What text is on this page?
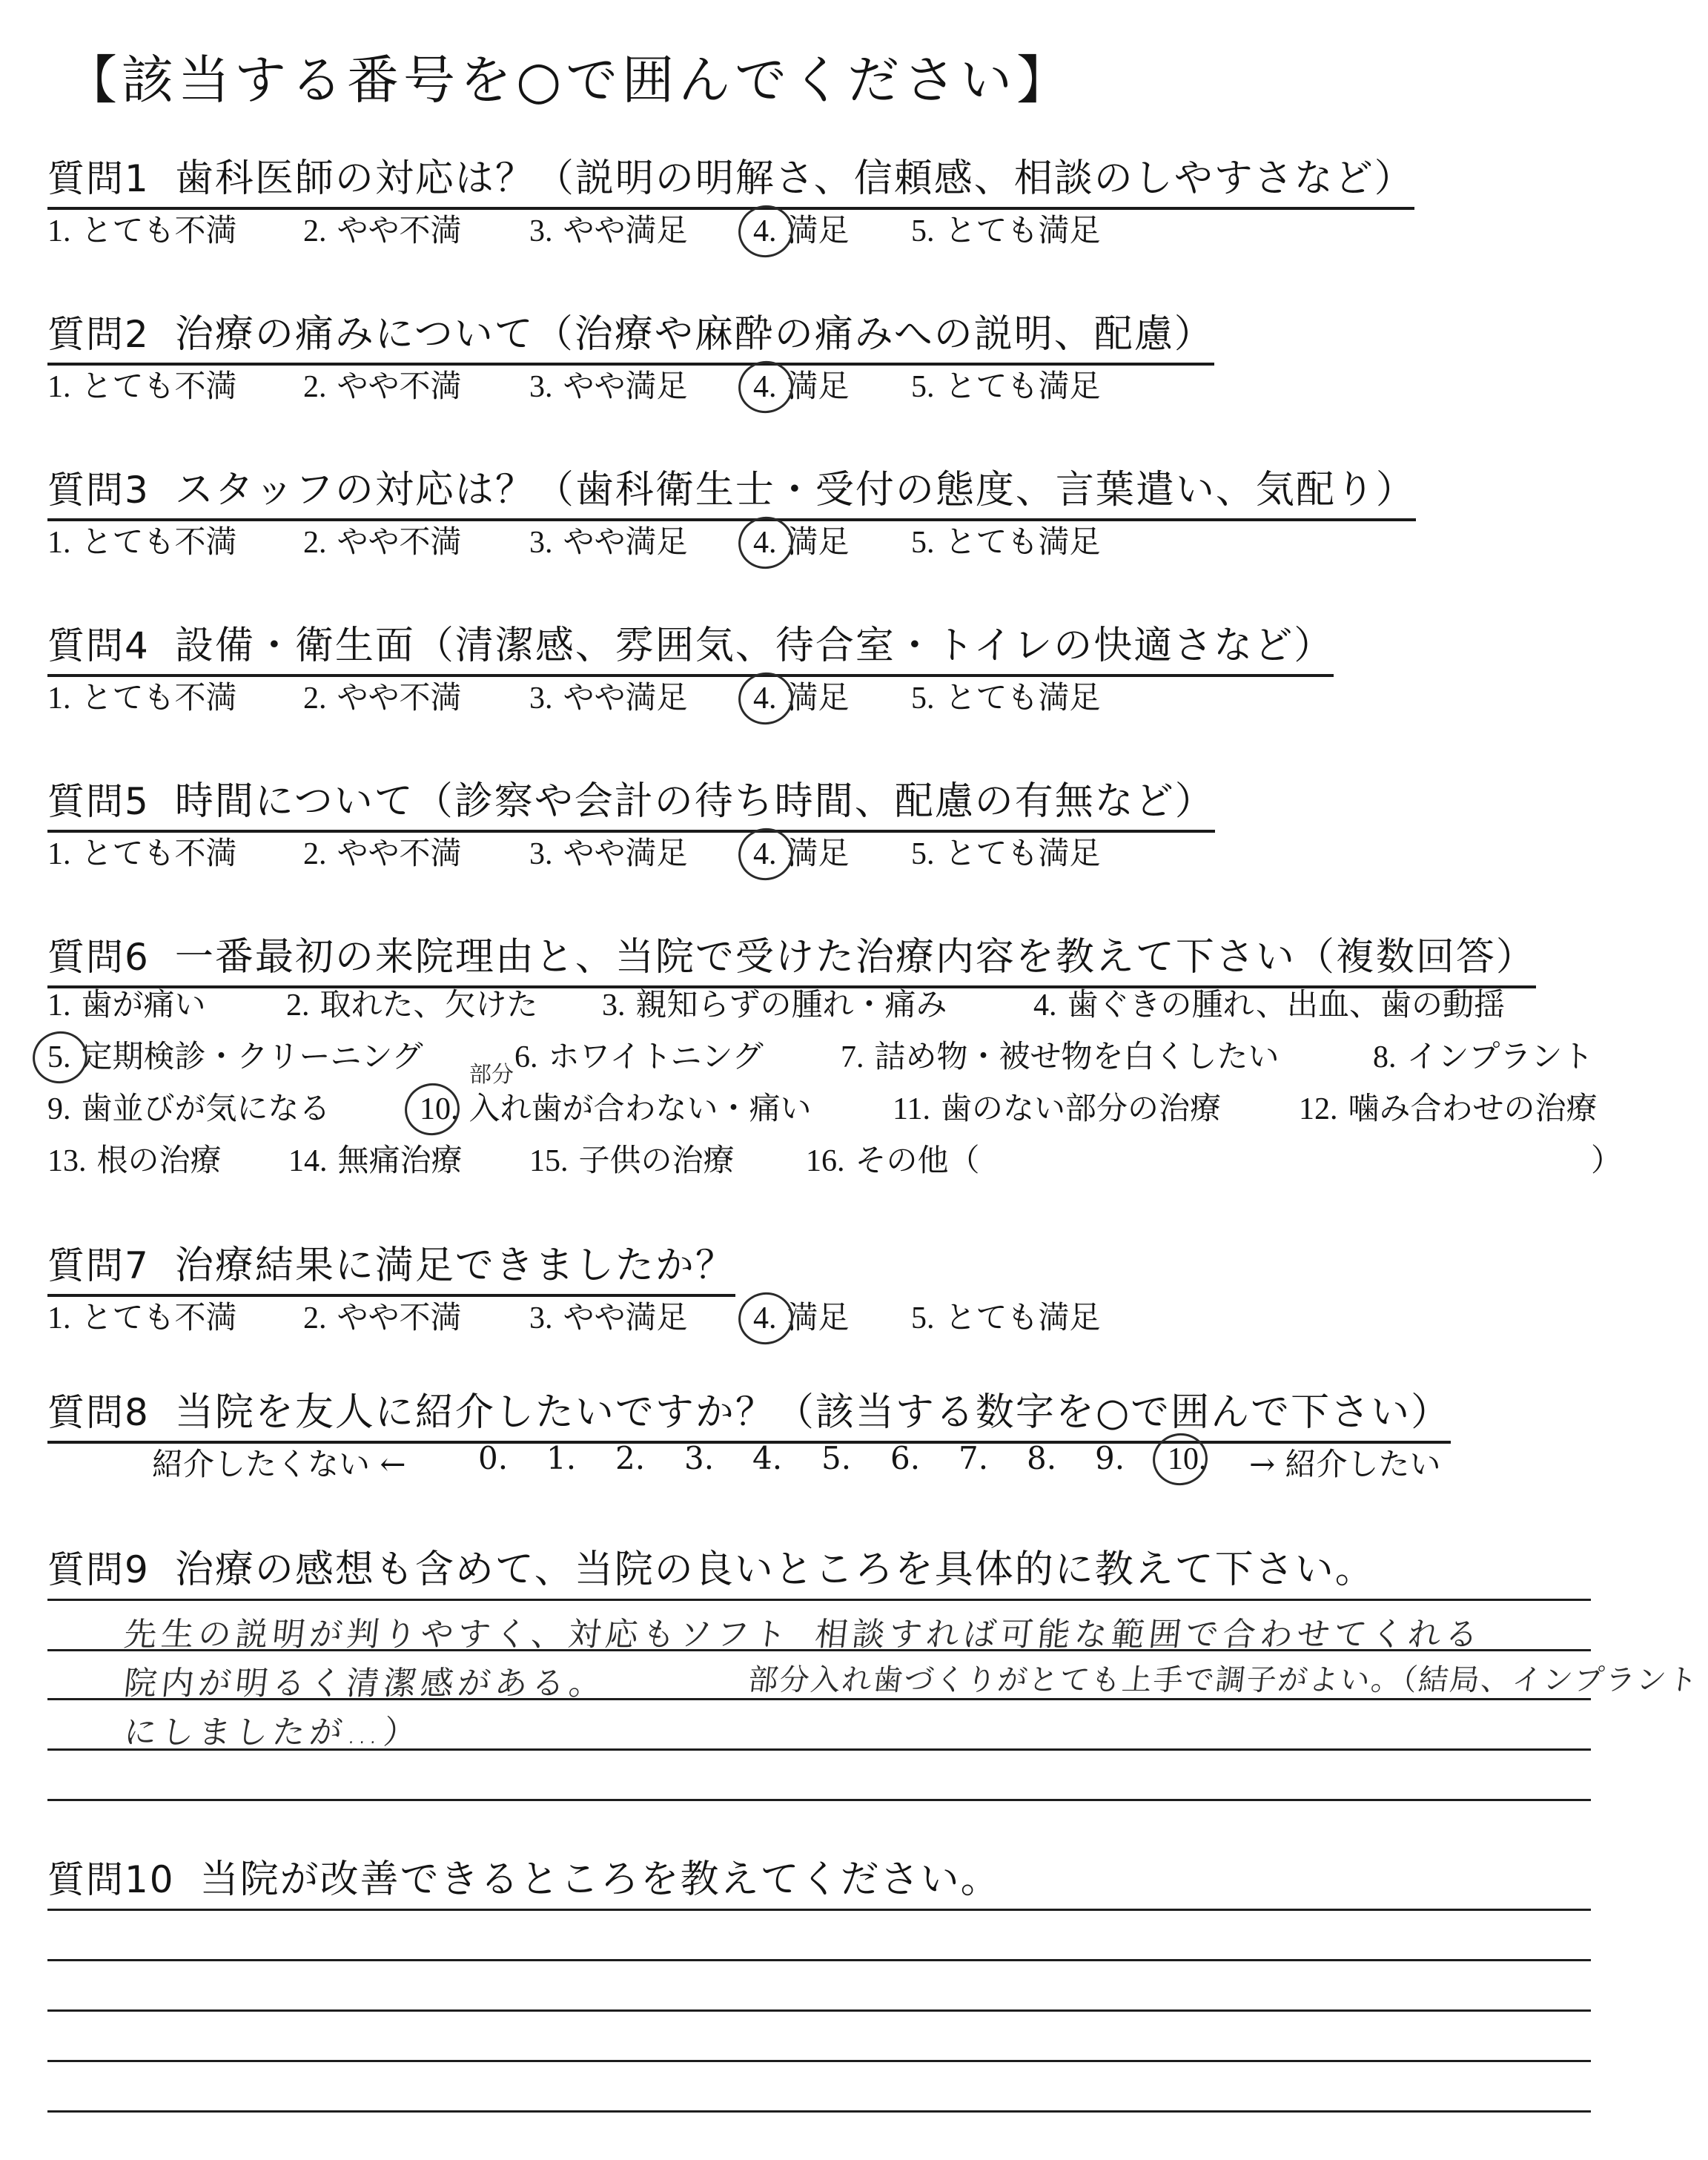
【該当する番号を○で囲んでください】
質問1 歯科医師の対応は？（説明の明解さ、信頼感、相談のしやすさなど）
1. とても不満 2. やや不満 3. やや満足 4. 満足 5. とても満足
質問2 治療の痛みについて（治療や麻酔の痛みへの説明、配慮）
1. とても不満 2. やや不満 3. やや満足 4. 満足 5. とても満足
質問3 スタッフの対応は？（歯科衛生士・受付の態度、言葉遣い、気配り）
1. とても不満 2. やや不満 3. やや満足 4. 満足 5. とても満足
質問4 設備・衛生面（清潔感、雰囲気、待合室・トイレの快適さなど）
1. とても不満 2. やや不満 3. やや満足 4. 満足 5. とても満足
質問5 時間について（診察や会計の待ち時間、配慮の有無など）
1. とても不満 2. やや不満 3. やや満足 4. 満足 5. とても満足
質問6 一番最初の来院理由と、当院で受けた治療内容を教えて下さい（複数回答）
1. 歯が痛い	2. 取れた、欠けた 3. 親知らずの腫れ・痛み	4. 歯ぐきの腫れ、出血、歯の動揺
5. 定期検診・クリーニング	6. ホワイトニング 7. 詰め物・被せ物を白くしたい	8. インプラント
部分
9. 歯並びが気になる	10. 入れ歯が合わない・痛い	11. 歯のない部分の治療	12. 噛み合わせの治療
13. 根の治療 14. 無痛治療 15. 子供の治療 16. その他（	）
質問7 治療結果に満足できましたか？
1. とても不満 2. やや不満 3. やや満足 4. 満足 5. とても満足
質問8 当院を友人に紹介したいですか？（該当する数字を○で囲んで下さい）
紹介したくない ← 0. 1. 2. 3. 4. 5. 6. 7. 8. 9. 10.	→ 紹介したい
質問9 治療の感想も含めて、当院の良いところを具体的に教えて下さい。
先生の説明が判りやすく、対応もソフト 相談すれば可能な範囲で合わせてくれる
院内が明るく清潔感がある。	部分入れ歯づくりがとても上手で調子がよい。（結局、インプラント
にしましたが…）
質問10 当院が改善できるところを教えてください。
